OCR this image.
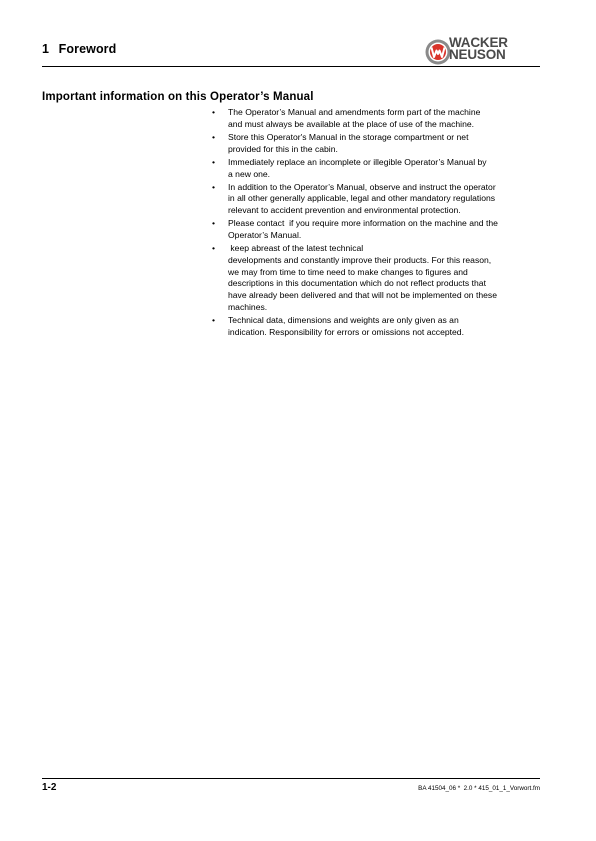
1 Foreword	WACKER
NEUSON
Important information on this Operator’s Manual
• The Operator’s Manual and amendments form part of the machine
and must always be available at the place of use of the machine.
• Store this Operator's Manual in the storage compartment or net
provided for this in the cabin.
• Immediately replace an incomplete or illegible Operator’s Manual by
a new one.
• In addition to the Operator’s Manual, observe and instruct the operator
in all other generally applicable, legal and other mandatory regulations
relevant to accident prevention and environmental protection.
• Please contact  if you require more information on the machine and the
Operator’s Manual.
• keep abreast of the latest technical
developments and constantly improve their products. For this reason,
we may from time to time need to make changes to figures and
descriptions in this documentation which do not reflect products that
have already been delivered and that will not be implemented on these
machines.
• Technical data, dimensions and weights are only given as an
indication. Responsibility for errors or omissions not accepted.
1-2	BA 41504_06 *  2.0 * 415_01_1_Vorwort.fm
